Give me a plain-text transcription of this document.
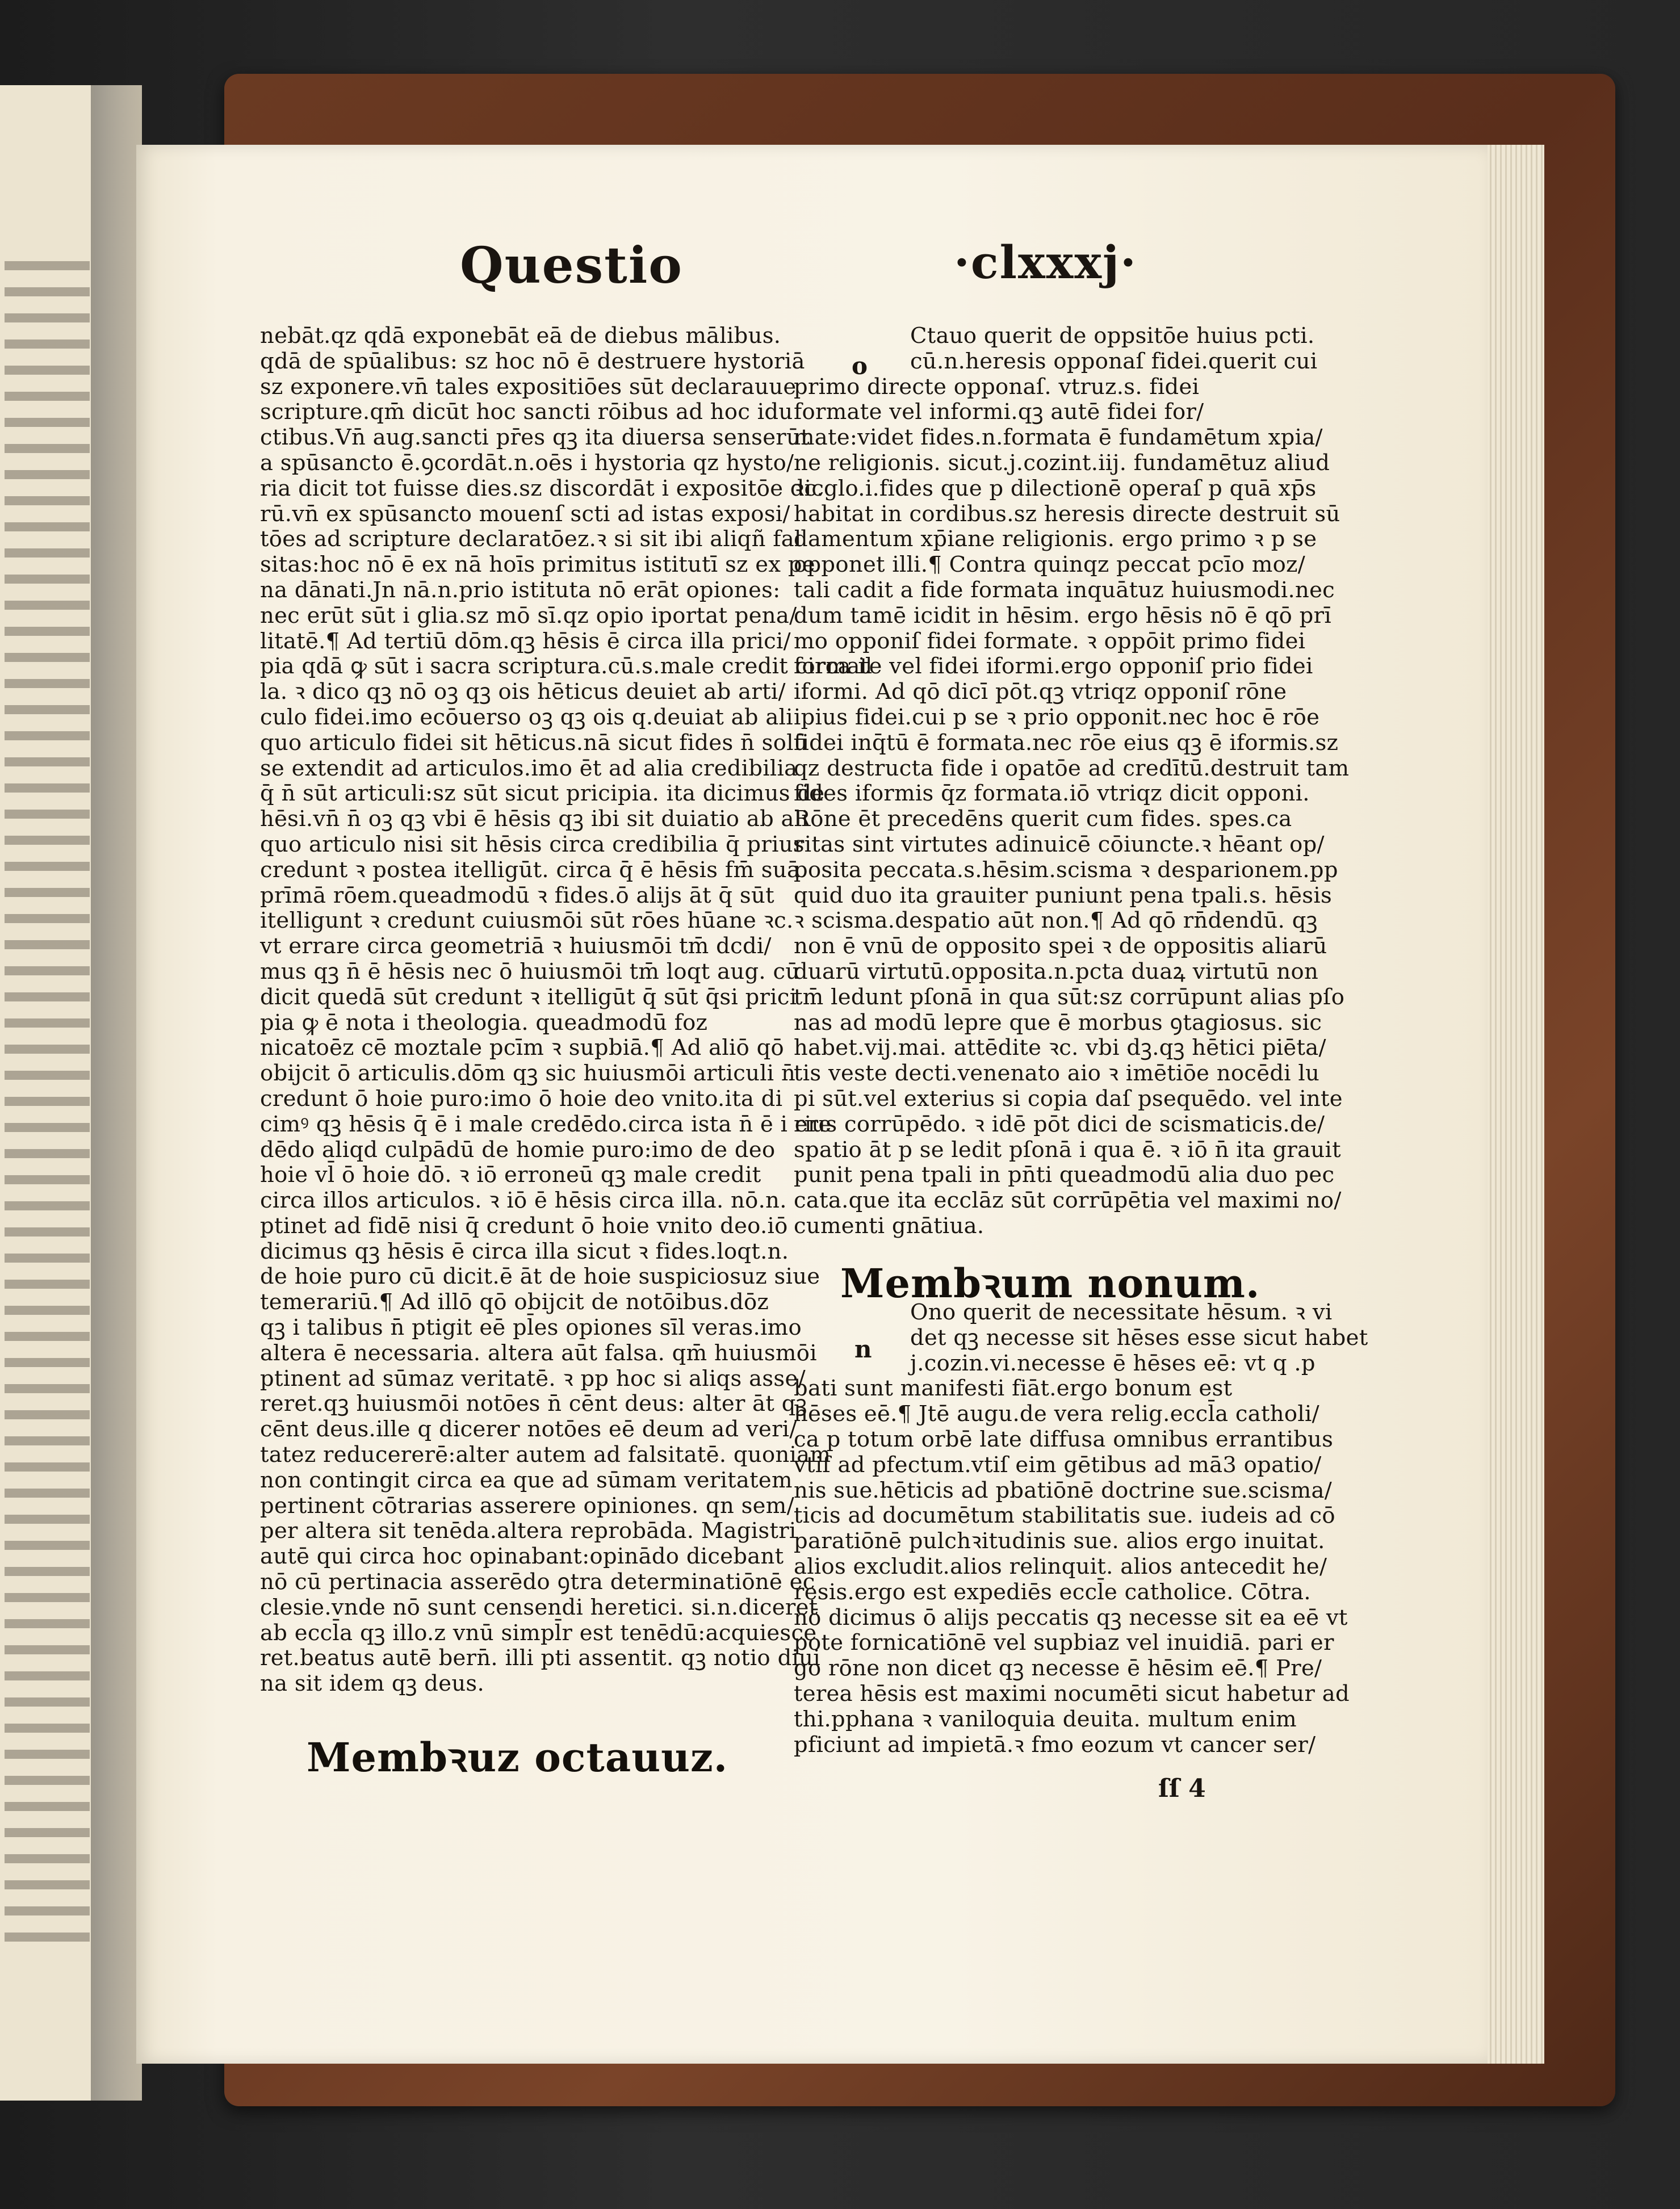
Questio	·clxxxj·
nebāt.qz qdā exponebāt eā de diebus mālibus.
qdā de spūalibus: sz hoc nō ē destruere hystoriā
sz exponere.vn̄ tales expositiōes sūt declarauue
scripture.qm̄ dicūt hoc sancti rōibus ad hoc idu
ctibus.Vn̄ aug.sancti pr̄es qꝫ ita diuersa senserūt
a spūsancto ē.ꝯcordāt.n.oēs i hystoria qz hysto/
ria dicit tot fuisse dies.sz discordāt i expositōe dic
rū.vn̄ ex spūsancto mouenſ scti ad istas exposi/
tōes ad scripture declaratōez.ꝛ si sit ibi aliqñ fal
sitas:hoc nō ē ex nā hoīs primitus istitutī sz ex pe
na dānati.Jn nā.n.prio istituta nō erāt opiones:
nec erūt sūt i glia.sz mō sī.qz opio iportat pena/
litatē.¶ Ad tertiū dōm.qꝫ hēsis ē circa illa prici/
pia qdā ꝙ sūt i sacra scriptura.cū.s.male credit circa il
la. ꝛ dico qꝫ nō oꝫ qꝫ ois hēticus deuiet ab arti/
culo fidei.imo ecōuerso oꝫ qꝫ ois q.deuiat ab ali
quo articulo fidei sit hēticus.nā sicut fides n̄ solū
se extendit ad articulos.imo ēt ad alia credibilia
q̄ n̄ sūt articuli:sz sūt sicut pricipia. ita dicimus de
hēsi.vn̄ n̄ oꝫ qꝫ vbi ē hēsis qꝫ ibi sit duiatio ab ali
quo articulo nisi sit hēsis circa credibilia q̄ prius
credunt ꝛ postea itelligūt. circa q̄ ē hēsis fm̄ suā
prīmā rōem.queadmodū ꝛ fides.ō alijs āt q̄ sūt
itelligunt ꝛ credunt cuiusmōi sūt rōes hūane ꝛc.
vt errare circa geometriā ꝛ huiusmōi tm̄ dcdi/
mus qꝫ n̄ ē hēsis nec ō huiusmōi tm̄ loqt aug. cū
dicit quedā sūt credunt ꝛ itelligūt q̄ sūt q̄si prici
pia ꝙ ē nota i theologia. queadmodū foz
nicatoēz cē moztale pcīm ꝛ supbiā.¶ Ad aliō qō
obijcit ō articulis.dōm qꝫ sic huiusmōi articuli n̄
credunt ō hoie puro:imo ō hoie deo vnito.ita di
cimꝰ qꝫ hēsis q̄ ē i male credēdo.circa ista n̄ ē i ere
dēdo aliqd culpādū de homie puro:imo de deo
hoie vl̄ ō hoie dō. ꝛ iō erroneū qꝫ male credit
circa illos articulos. ꝛ iō ē hēsis circa illa. nō.n.
ptinet ad fidē nisi q̄ credunt ō hoie vnito deo.iō
dicimus qꝫ hēsis ē circa illa sicut ꝛ fides.loqt.n.
de hoie puro cū dicit.ē āt de hoie suspiciosuz siue
temerariū.¶ Ad illō qō obijcit de notōibus.dōz
qꝫ i talibus n̄ ptigit eē pl̄es opiones sīl veras.imo
altera ē necessaria. altera aūt falsa. qm̄ huiusmōi
ptinent ad sūmaz veritatē. ꝛ pp hoc si aliqs asse/
reret.qꝫ huiusmōi notōes n̄ cēnt deus: alter āt qꝫ
cēnt deus.ille q dicerer notōes eē deum ad veri/
tatez reducererē:alter autem ad falsitatē. quoniam
non contingit circa ea que ad sūmam veritatem
pertinent cōtrarias asserere opiniones. qn sem/
per altera sit tenēda.altera reprobāda. Magistri
autē qui circa hoc opinabant:opinādo dicebant
nō cū pertinacia asserēdo ꝯtra determinatiōnē ec
clesie.vnde nō sunt censendi heretici. si.n.diceret
ab eccl̄a qꝫ illo.z vnū simpl̄r est tenēdū:acquiesce
ret.beatus autē bern̄. illi pti assentit. qꝫ notio diui
na sit idem qꝫ deus.
Membꝛuz octauuz.
Ctauo querit de oppsitōe huius pcti.
cū.n.heresis opponaſ fidei.querit cui
primo directe opponaſ. vtruz.s. fidei
formate vel informi.qꝫ autē fidei for/
mate:videt fides.n.formata ē fundamētum xpia/
ne religionis. sicut.j.cozint.iij. fundamētuz aliud
ꝛc.glo.i.fides que p dilectionē operaſ p quā xp̄s
habitat in cordibus.sz heresis directe destruit sū
damentum xp̄iane religionis. ergo primo ꝛ p se
opponet illi.¶ Contra quinqz peccat pcīo moz/
tali cadit a fide formata inquātuz huiusmodi.nec
dum tamē icidit in hēsim. ergo hēsis nō ē qō prī
mo opponiſ fidei formate. ꝛ oppōit primo fidei
formate vel fidei iformi.ergo opponiſ prio fidei
iformi. Ad qō dicī pōt.qꝫ vtriqz opponiſ rōne
ipius fidei.cui p se ꝛ prio opponit.nec hoc ē rōe
fidei inq̄tū ē formata.nec rōe eius qꝫ ē iformis.sz
qz destructa fide i opatōe ad credītū.destruit tam
fides iformis q̄z formata.iō vtriqz dicit opponi.
Rōne ēt precedēns querit cum fides. spes.ca
ritas sint virtutes adinuicē cōiuncte.ꝛ hēant op/
posita peccata.s.hēsim.scisma ꝛ desparionem.pp
quid duo ita grauiter puniunt pena tpali.s. hēsis
ꝛ scisma.despatio aūt non.¶ Ad qō rn̄dendū. qꝫ
non ē vnū de opposito spei ꝛ de oppositis aliarū
duarū virtutū.opposita.n.pcta duaꝝ virtutū non
tm̄ ledunt pſonā in qua sūt:sz corrūpunt alias pſo
nas ad modū lepre que ē morbus ꝯtagiosus. sic
habet.vij.mai. attēdite ꝛc. vbi dꝫ.qꝫ hētici piēta/
tis veste decti.venenato aio ꝛ imētiōe nocēdi lu
pi sūt.vel exterius si copia daſ psequēdo. vel inte
rius corrūpēdo. ꝛ idē pōt dici de scismaticis.de/
spatio āt p se ledit pſonā i qua ē. ꝛ iō n̄ ita grauit
punit pena tpali in pn̄ti queadmodū alia duo pec
cata.que ita ecclāz sūt corrūpētia vel maximi no/
cumenti gnātiua.
Membꝛum nonum.
Ono querit de necessitate hēsum. ꝛ vi
det qꝫ necesse sit hēses esse sicut habet
j.cozin.vi.necesse ē hēses eē: vt q .p
bati sunt manifesti fiāt.ergo bonum est
hēses eē.¶ Jtē augu.de vera relig.eccl̄a catholi/
ca p totum orbē late diffusa omnibus errantibus
vtiſ ad pfectum.vtiſ eim gētibus ad mā3 opatio/
nis sue.hēticis ad pbatiōnē doctrine sue.scisma/
ticis ad documētum stabilitatis sue. iudeis ad cō
paratiōnē pulchꝛitudinis sue. alios ergo inuitat.
alios excludit.alios relinquit. alios antecedit he/
resis.ergo est expediēs eccl̄e catholice. Cōtra.
nō dicimus ō alijs peccatis qꝫ necesse sit ea eē vt
pote fornicatiōnē vel supbiaz vel inuidiā. pari er
go rōne non dicet qꝫ necesse ē hēsim eē.¶ Pre/
terea hēsis est maximi nocumēti sicut habetur ad
thi.pphana ꝛ vaniloquia deuita. multum enim
pficiunt ad impietā.ꝛ fmo eozum vt cancer ser/
o
n
ſſ 4
